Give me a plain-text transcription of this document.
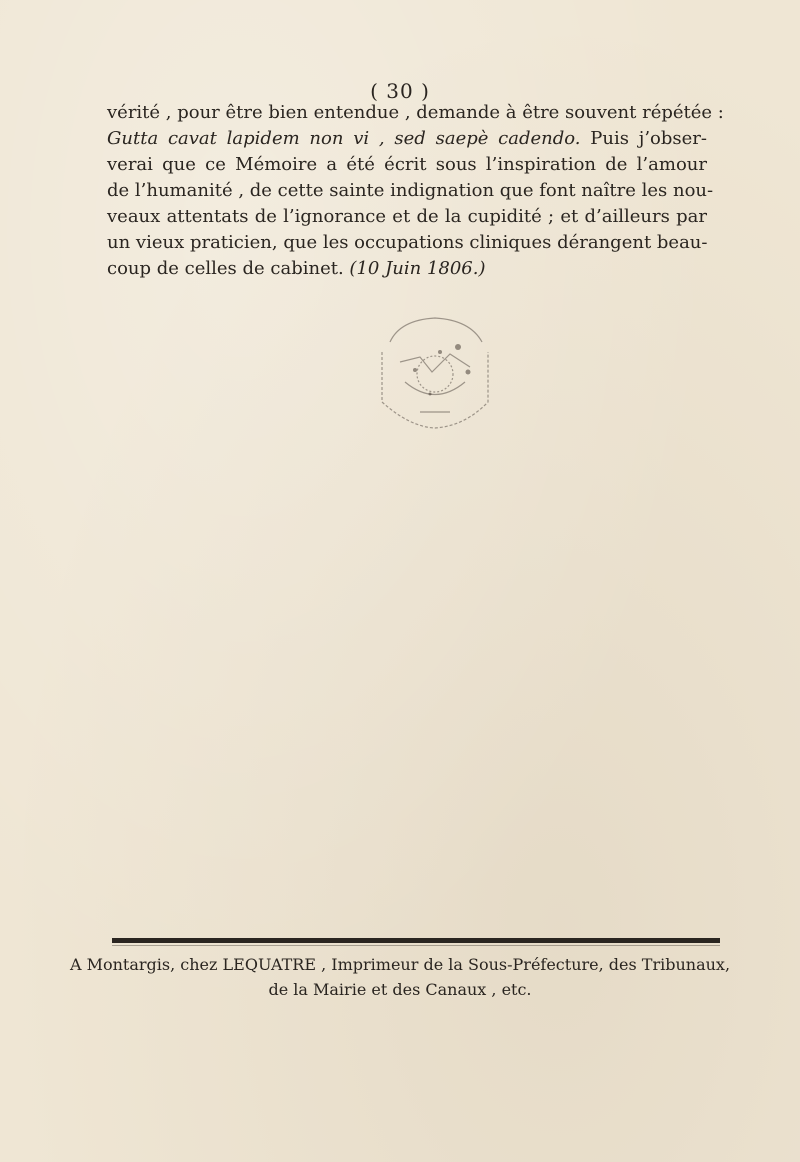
( 30 )
vérité , pour être bien entendue , demande à être souvent répétée :
Gutta cavat lapidem non vi , sed saepè cadendo. Puis j’obser-
verai que ce Mémoire a été écrit sous l’inspiration de l’amour
de l’humanité , de cette sainte indignation que font naître les nou-
veaux attentats de l’ignorance et de la cupidité ; et d’ailleurs par
un vieux praticien, que les occupations cliniques dérangent beau-
coup de celles de cabinet. (10 Juin 1806.)
A Montargis, chez LEQUATRE , Imprimeur de la Sous-Préfecture, des Tribunaux,
de la Mairie et des Canaux , etc.
